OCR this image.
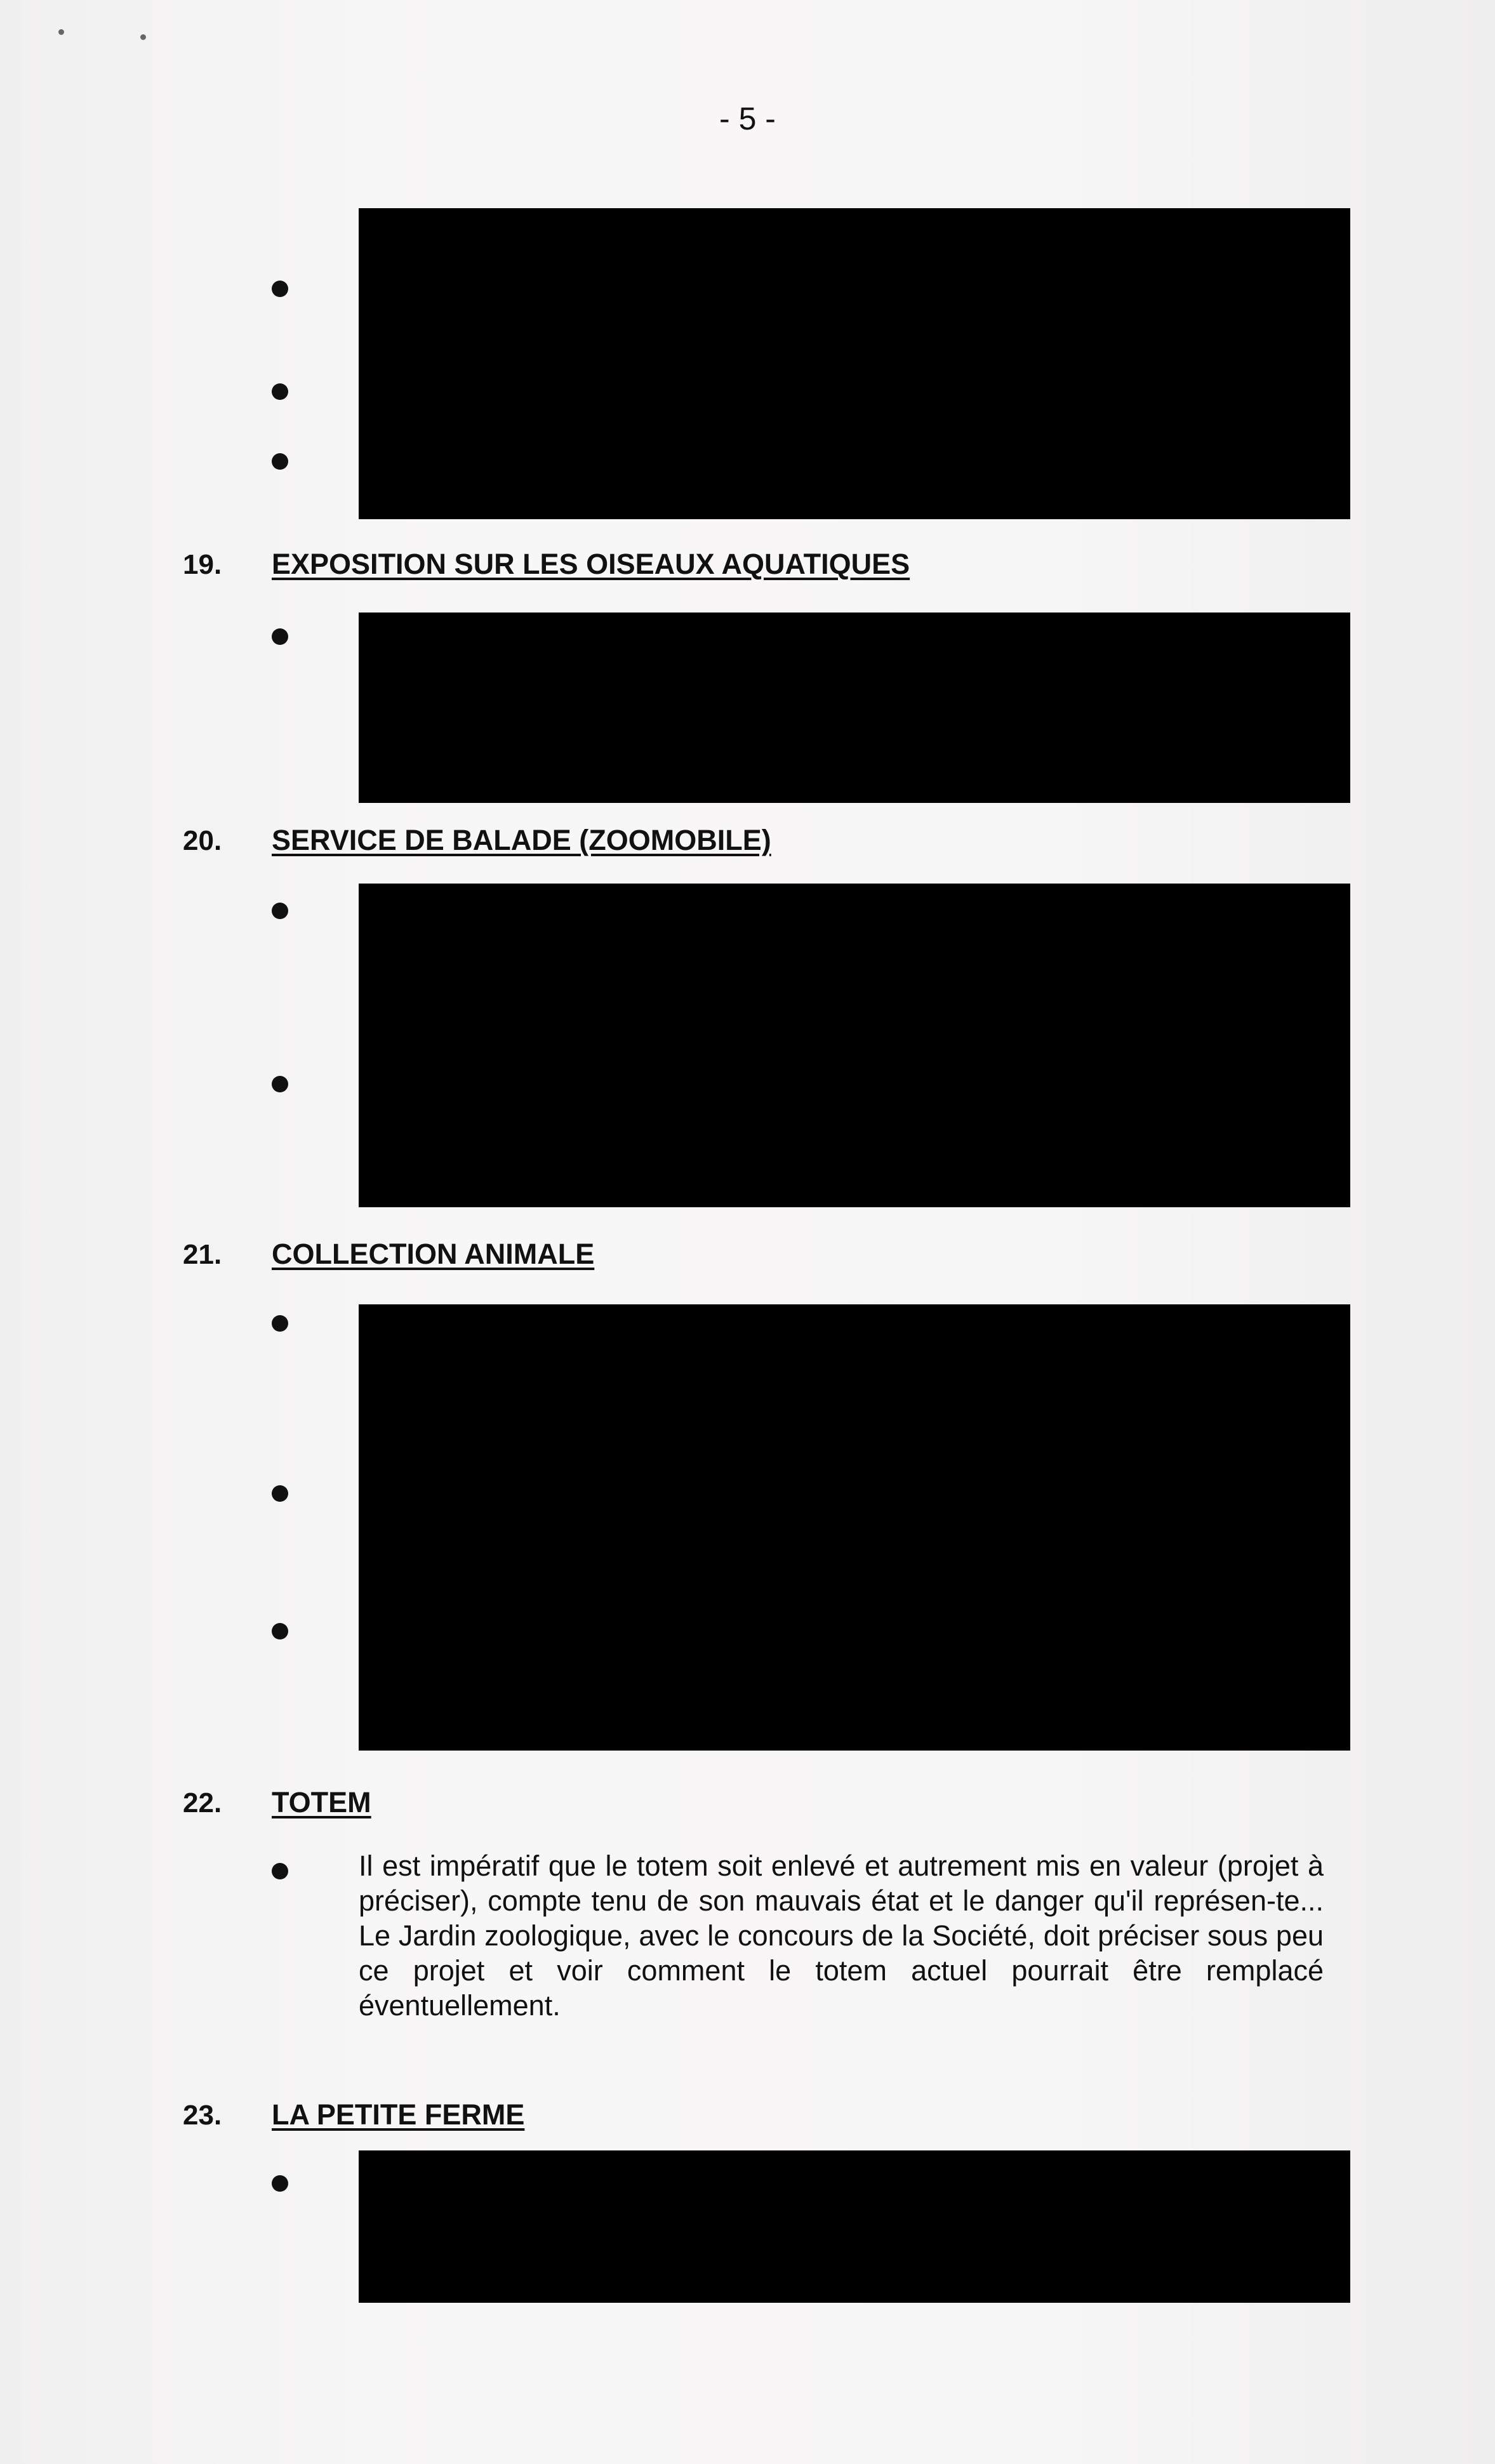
- 5 -
19. EXPOSITION SUR LES OISEAUX AQUATIQUES
20. SERVICE DE BALADE (ZOOMOBILE)
21. COLLECTION ANIMALE
22. TOTEM

Il est impératif que le totem soit enlevé et autrement mis en valeur (projet à préciser), compte tenu de son mauvais état et le danger qu'il représen-te... Le Jardin zoologique, avec le concours de la Société, doit préciser sous peu ce projet et voir comment le totem actuel pourrait être remplacé éventuellement.

23. LA PETITE FERME
